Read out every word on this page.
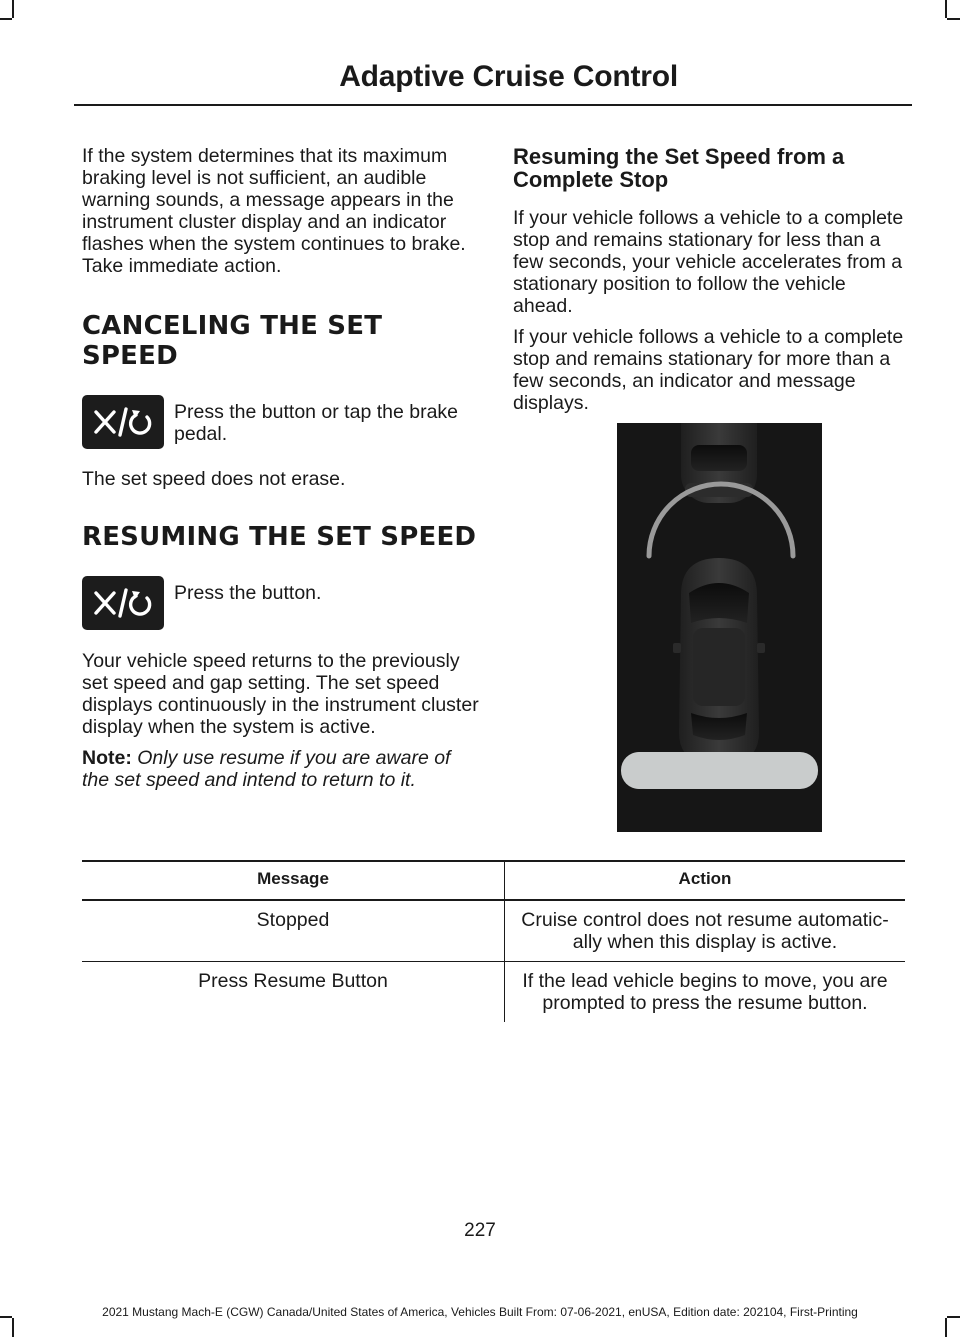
Adaptive Cruise Control

If the system determines that its maximum braking level is not sufficient, an audible warning sounds, a message appears in the instrument cluster display and an indicator flashes when the system continues to brake. Take immediate action.

CANCELING THE SET SPEED

Press the button or tap the brake pedal.

The set speed does not erase.

RESUMING THE SET SPEED

Press the button.

Your vehicle speed returns to the previously set speed and gap setting. The set speed displays continuously in the instrument cluster display when the system is active.

Note: Only use resume if you are aware of the set speed and intend to return to it.

Resuming the Set Speed from a Complete Stop

If your vehicle follows a vehicle to a complete stop and remains stationary for less than a few seconds, your vehicle accelerates from a stationary position to follow the vehicle ahead.

If your vehicle follows a vehicle to a complete stop and remains stationary for more than a few seconds, an indicator and message displays.

Message	Action
Stopped	Cruise control does not resume automatic-ally when this display is active.
Press Resume Button	If the lead vehicle begins to move, you are prompted to press the resume button.
227
2021 Mustang Mach-E (CGW) Canada/United States of America, Vehicles Built From: 07-06-2021, enUSA, Edition date: 202104, First-Printing
